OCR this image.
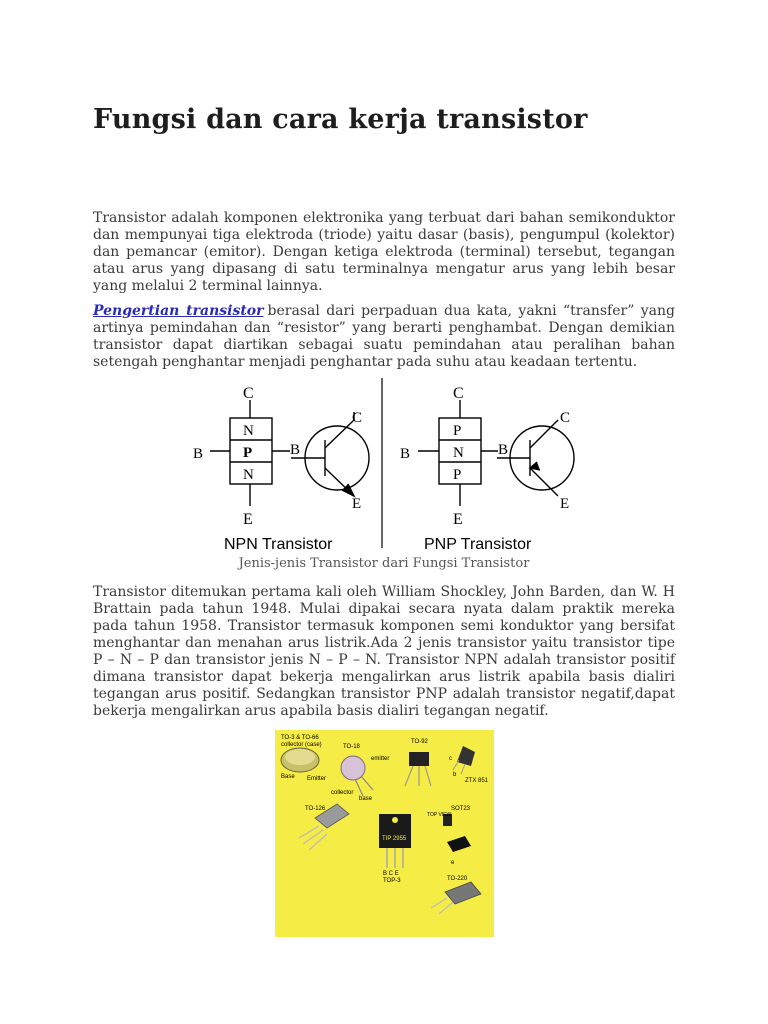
Fungsi dan cara kerja transistor

Transistor adalah komponen elektronika yang terbuat dari bahan semikonduktor dan mempunyai tiga elektroda (triode) yaitu dasar (basis), pengumpul (kolektor) dan pemancar (emitor). Dengan ketiga elektroda (terminal) tersebut, tegangan atau arus yang dipasang di satu terminalnya mengatur arus yang lebih besar yang melalui 2 terminal lainnya.

Pengertian transistor berasal dari perpaduan dua kata, yakni “transfer” yang artinya pemindahan dan “resistor” yang berarti penghambat. Dengan demikian transistor dapat diartikan sebagai suatu pemindahan atau peralihan bahan setengah penghantar menjadi penghantar pada suhu atau keadaan tertentu.

C
N
P
N
B
E
B
C
E
NPN Transistor
C
P
N
P
B
E
B
C
E
PNP Transistor
Jenis-jenis Transistor dari Fungsi Transistor

Transistor ditemukan pertama kali oleh William Shockley, John Barden, dan W. H Brattain pada tahun 1948. Mulai dipakai secara nyata dalam praktik mereka pada tahun 1958. Transistor termasuk komponen semi konduktor yang bersifat menghantar dan menahan arus listrik.Ada 2 jenis transistor yaitu transistor tipe P – N – P dan transistor jenis N – P – N. Transistor NPN adalah transistor positif dimana transistor dapat bekerja mengalirkan arus listrik apabila basis dialiri tegangan arus positif. Sedangkan transistor PNP adalah transistor negatif,dapat bekerja mengalirkan arus apabila basis dialiri tegangan negatif.

TO-3 & TO-66
collector (case)
Base Emitter
TO-18
emitter
collector
base
TO-92
c
b
ZTX 851
TO-126
TIP 2955
B C E
TOP-3
TOP VIEW
SOT23
e
TO-220
